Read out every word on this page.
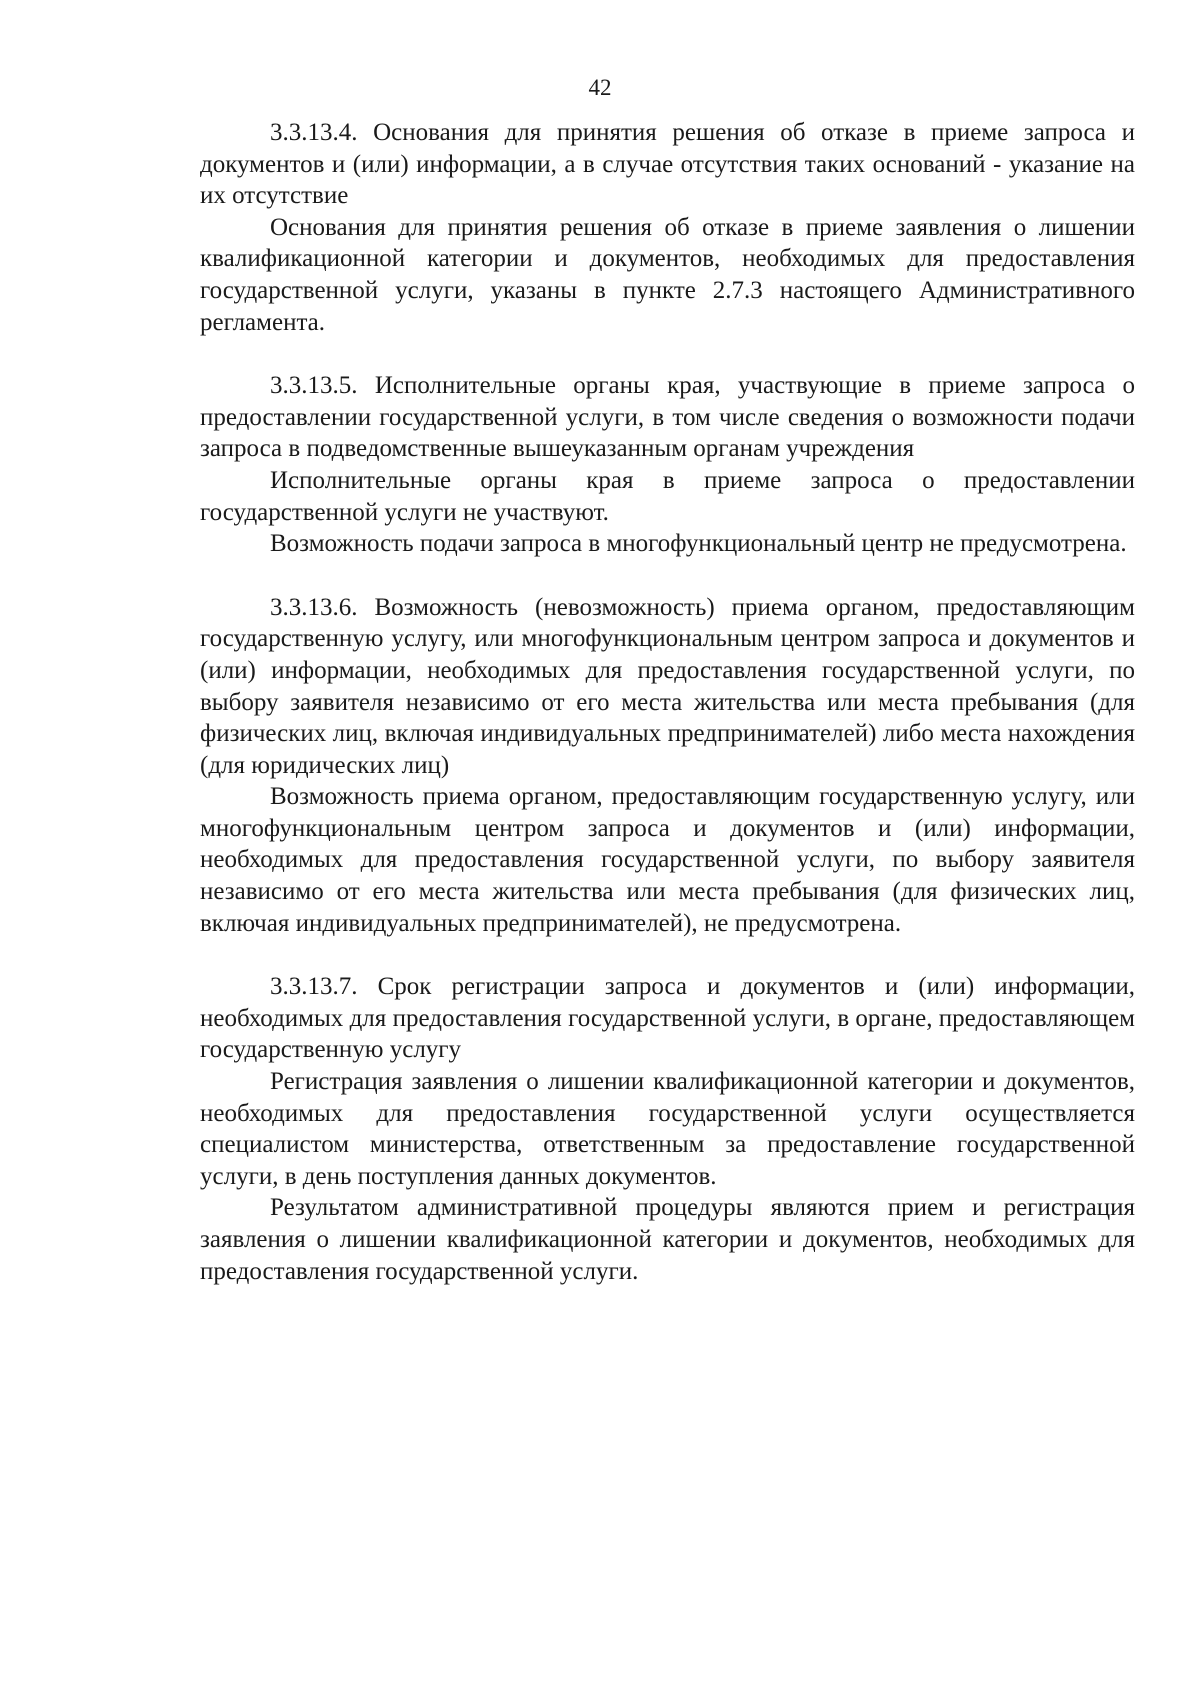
42

3.3.13.4. Основания для принятия решения об отказе в приеме запроса и документов и (или) информации, а в случае отсутствия таких оснований - указание на их отсутствие

Основания для принятия решения об отказе в приеме заявления о лишении квалификационной категории и документов, необходимых для предоставления государственной услуги, указаны в пункте 2.7.3 настоящего Административного регламента.

3.3.13.5. Исполнительные органы края, участвующие в приеме запроса о предоставлении государственной услуги, в том числе сведения о возможности подачи запроса в подведомственные вышеуказанным органам учреждения

Исполнительные органы края в приеме запроса о предоставлении государственной услуги не участвуют.

Возможность подачи запроса в многофункциональный центр не предусмотрена.

3.3.13.6. Возможность (невозможность) приема органом, предоставляющим государственную услугу, или многофункциональным центром запроса и документов и (или) информации, необходимых для предоставления государственной услуги, по выбору заявителя независимо от его места жительства или места пребывания (для физических лиц, включая индивидуальных предпринимателей) либо места нахождения (для юридических лиц)

Возможность приема органом, предоставляющим государственную услугу, или многофункциональным центром запроса и документов и (или) информации, необходимых для предоставления государственной услуги, по выбору заявителя независимо от его места жительства или места пребывания (для физических лиц, включая индивидуальных предпринимателей), не предусмотрена.

3.3.13.7. Срок регистрации запроса и документов и (или) информации, необходимых для предоставления государственной услуги, в органе, предоставляющем государственную услугу

Регистрация заявления о лишении квалификационной категории и документов, необходимых для предоставления государственной услуги осуществляется специалистом министерства, ответственным за предоставление государственной услуги, в день поступления данных документов.

Результатом административной процедуры являются прием и регистрация заявления о лишении квалификационной категории и документов, необходимых для предоставления государственной услуги.
